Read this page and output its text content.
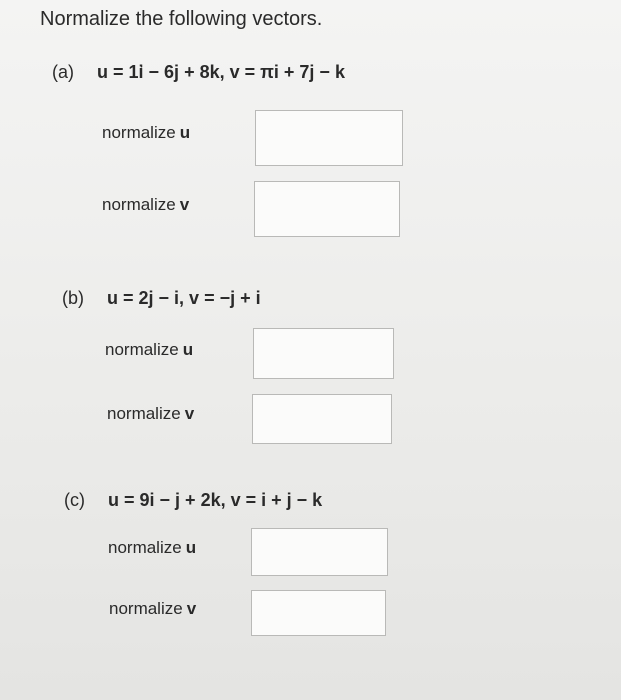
Normalize the following vectors.
(a) u = 1͘i − 6j + 8k, v = πi + 7j − k
normalize u
normalize v
(b) u = 2j − i, v = −j + i
normalize u
normalize v
(c) u = 9i − j + 2k, v = i + j − k
normalize u
normalize v
